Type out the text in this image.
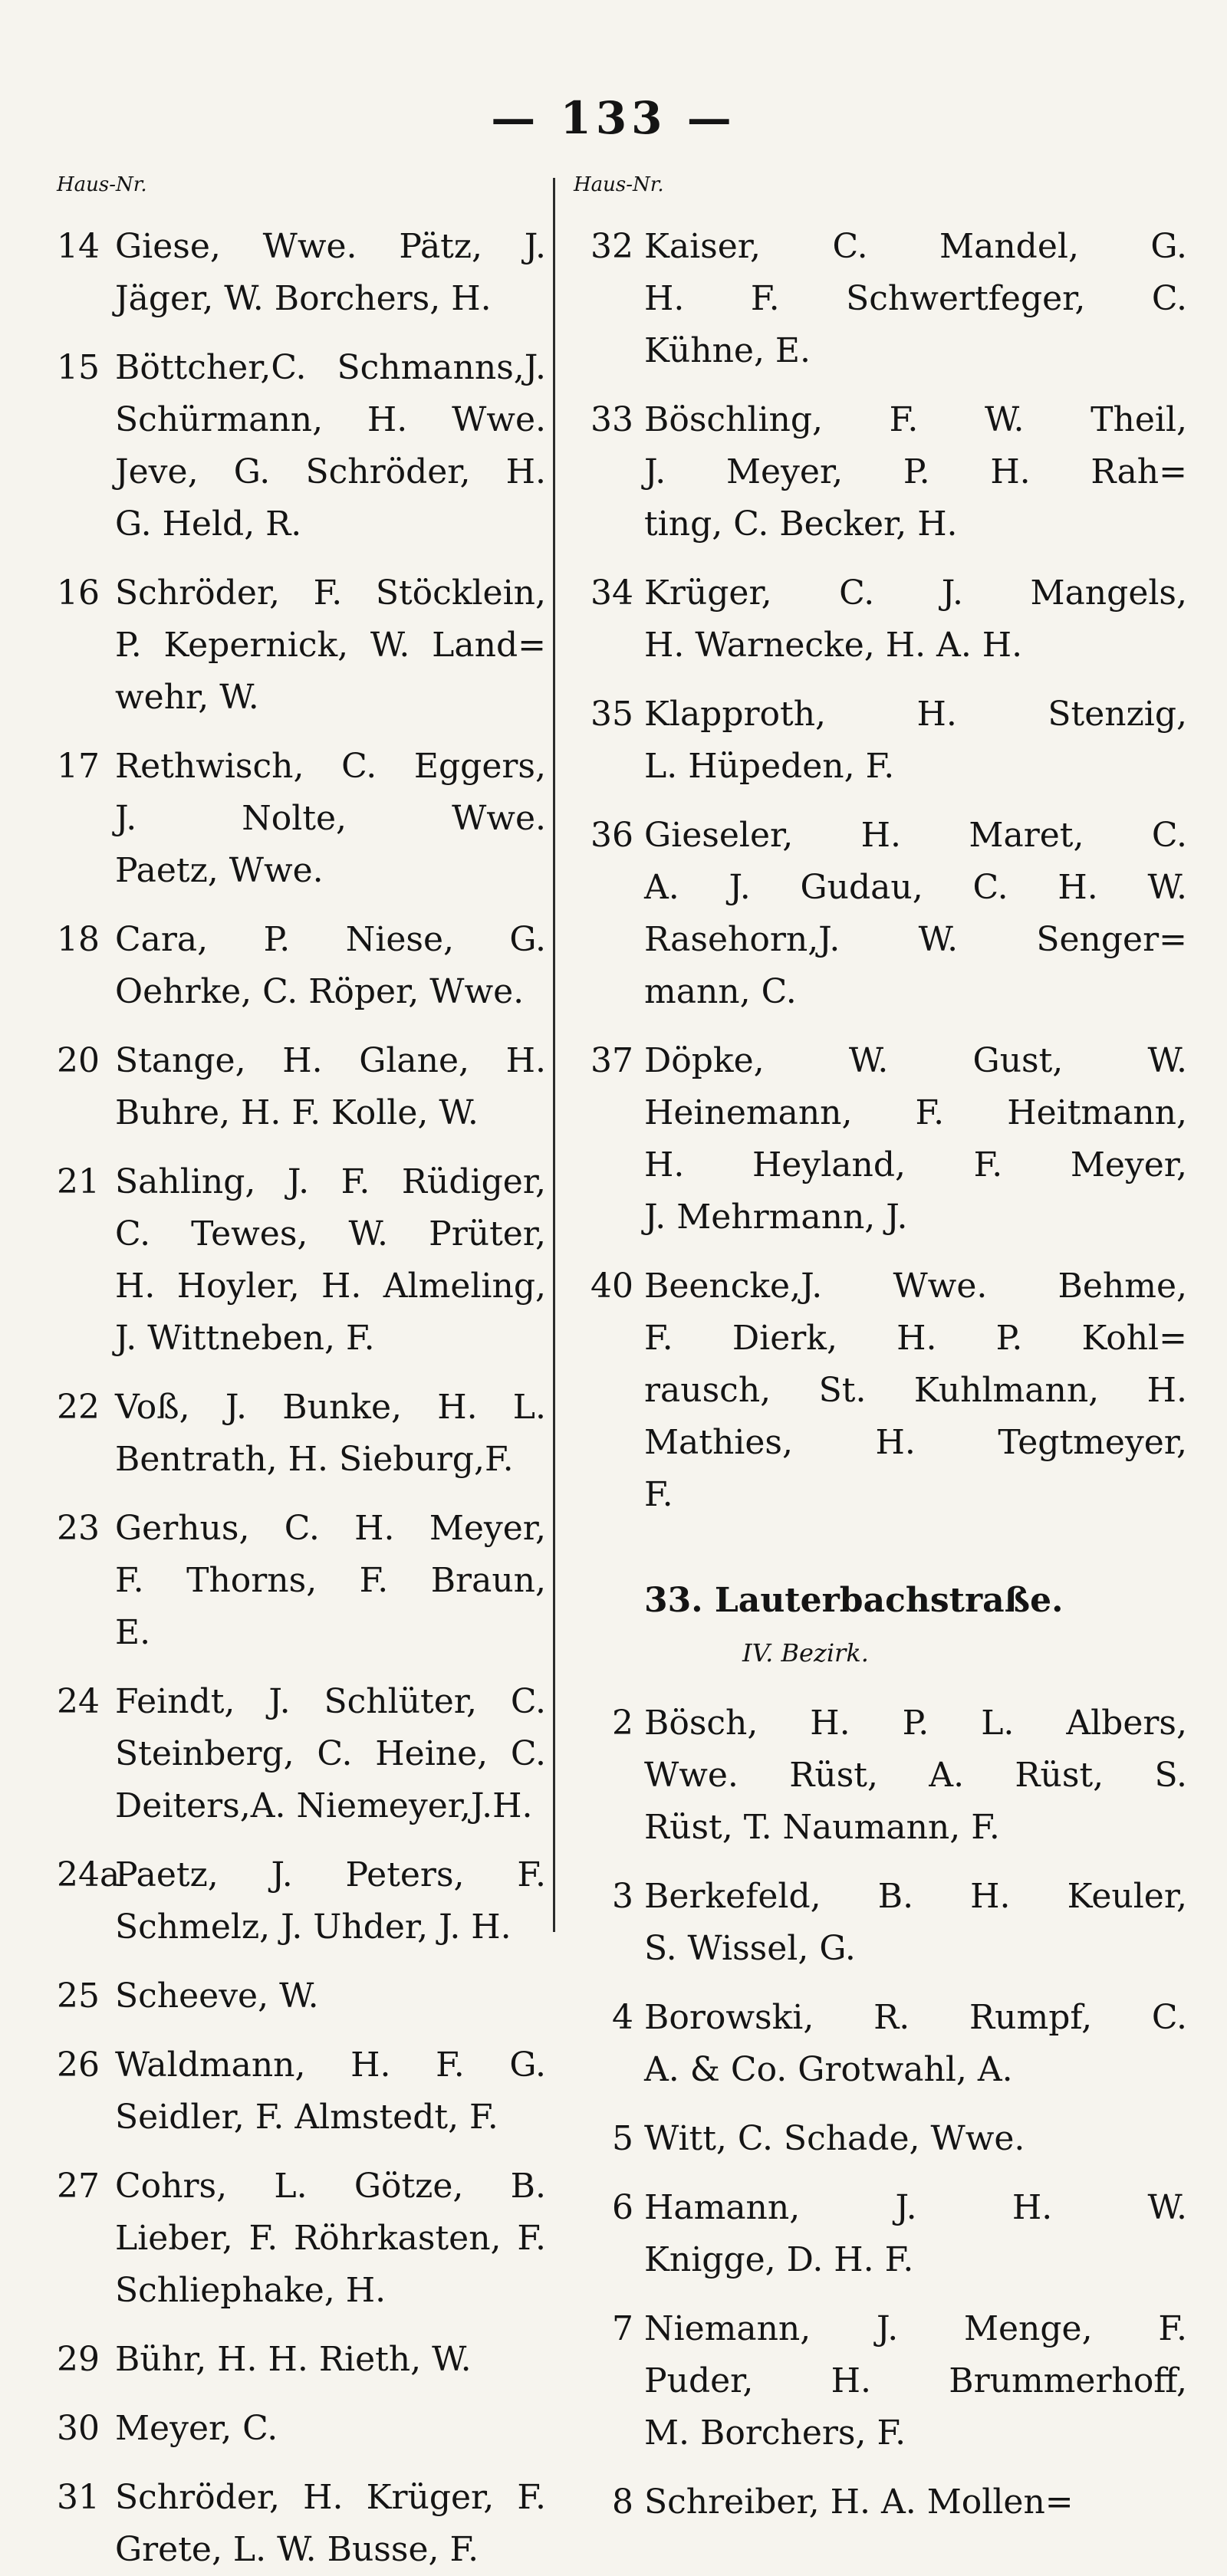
— 133 —
Haus-Nr.	Haus-Nr.
14 Giese, Wwe. Pätz, J.
Jäger, W. Borchers, H.
15 Böttcher,C. Schmanns,J.
Schürmann, H. Wwe.
Jeve, G. Schröder, H.
G. Held, R.
16 Schröder, F. Stöcklein,
P. Kepernick, W. Land=
wehr, W.
17 Rethwisch, C. Eggers,
J. Nolte, Wwe.
Paetz, Wwe.
18 Cara, P. Niese, G.
Oehrke, C. Röper, Wwe.
20 Stange, H. Glane, H.
Buhre, H. F. Kolle, W.
21 Sahling, J. F. Rüdiger,
C. Tewes, W. Prüter,
H. Hoyler, H. Almeling,
J. Wittneben, F.
22 Voß, J. Bunke, H. L.
Bentrath, H. Sieburg,F.
23 Gerhus, C. H. Meyer,
F. Thorns, F. Braun,
E.
24 Feindt, J. Schlüter, C.
Steinberg, C. Heine, C.
Deiters,A. Niemeyer,J.H.
24a
Paetz, J. Peters, F.
Schmelz, J. Uhder, J. H.
25 Scheeve, W.
26 Waldmann, H. F. G.
Seidler, F. Almstedt, F.
27 Cohrs, L. Götze, B.
Lieber, F. Röhrkasten, F.
Schliephake, H.
29 Bühr, H. H. Rieth, W.
30 Meyer, C.
31 Schröder, H. Krüger, F.
Grete, L. W. Busse, F.
32 Kaiser, C. Mandel, G.
H. F. Schwertfeger, C.
Kühne, E.
33 Böschling, F. W. Theil,
J. Meyer, P. H. Rah=
ting, C. Becker, H.
34 Krüger, C. J. Mangels,
H. Warnecke, H. A. H.
35 Klapproth, H. Stenzig,
L. Hüpeden, F.
36 Gieseler, H. Maret, C.
A. J. Gudau, C. H. W.
Rasehorn,J. W. Senger=
mann, C.
37 Döpke, W. Gust, W.
Heinemann, F. Heitmann,
H. Heyland, F. Meyer,
J. Mehrmann, J.
40 Beencke,J. Wwe. Behme,
F. Dierk, H. P. Kohl=
rausch, St. Kuhlmann, H.
Mathies, H. Tegtmeyer,
F.
33. Lauterbachstraße.
IV. Bezirk.
2 Bösch, H. P. L. Albers,
Wwe. Rüst, A. Rüst, S.
Rüst, T. Naumann, F.
3 Berkefeld, B. H. Keuler,
S. Wissel, G.
4 Borowski, R. Rumpf, C.
A. & Co. Grotwahl, A.
5 Witt, C. Schade, Wwe.
6 Hamann, J. H. W.
Knigge, D. H. F.
7 Niemann, J. Menge, F.
Puder, H. Brummerhoff,
M. Borchers, F.
8 Schreiber, H. A. Mollen=
